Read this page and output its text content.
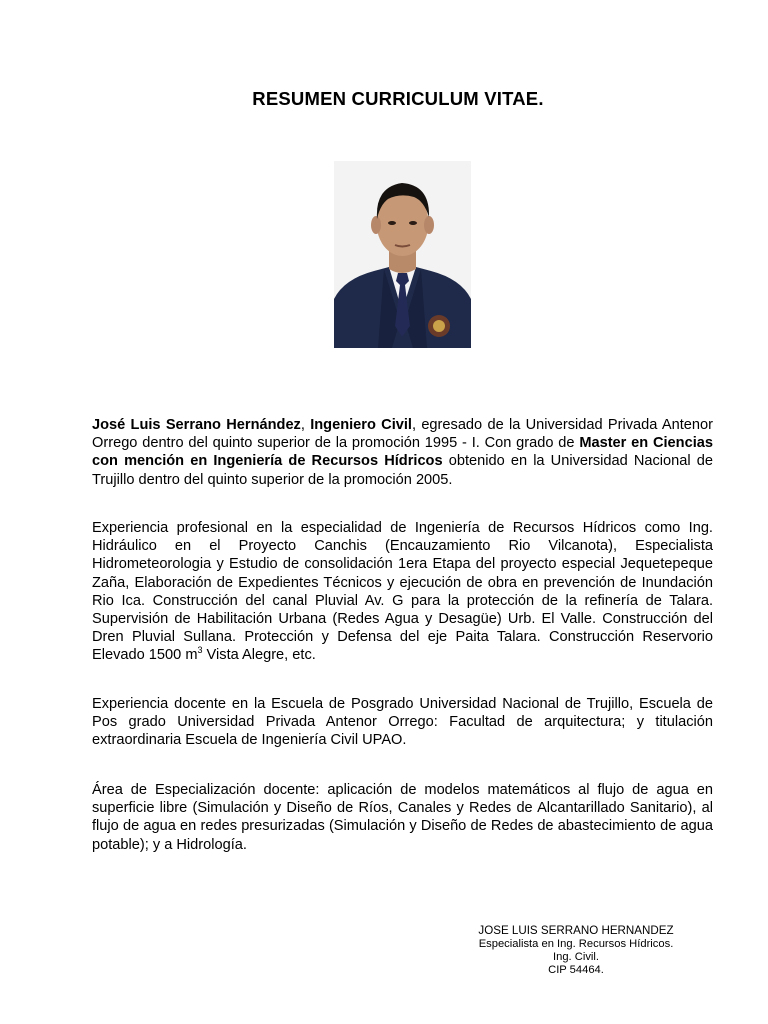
RESUMEN CURRICULUM VITAE.

José Luis Serrano Hernández, Ingeniero Civil, egresado de la Universidad Privada Antenor Orrego dentro del quinto superior de la promoción 1995 - I. Con grado de Master en Ciencias con mención en Ingeniería de Recursos Hídricos obtenido en la Universidad Nacional de Trujillo dentro del quinto superior de la promoción 2005.

Experiencia profesional en la especialidad de Ingeniería de Recursos Hídricos como Ing. Hidráulico en el Proyecto Canchis (Encauzamiento Rio Vilcanota), Especialista Hidrometeorologia y Estudio de consolidación 1era Etapa del proyecto especial Jequetepeque Zaña, Elaboración de Expedientes Técnicos y ejecución de obra en prevención de Inundación Rio Ica. Construcción del canal Pluvial Av. G para la protección de la refinería de Talara. Supervisión de Habilitación Urbana (Redes Agua y Desagüe) Urb. El Valle. Construcción del Dren Pluvial Sullana. Protección y Defensa del eje Paita Talara. Construcción Reservorio Elevado 1500 $m^3$ Vista Alegre, etc.

Experiencia docente en la Escuela de Posgrado Universidad Nacional de Trujillo, Escuela de Pos grado Universidad Privada Antenor Orrego: Facultad de arquitectura; y titulación extraordinaria Escuela de Ingeniería Civil UPAO.

Área de Especialización docente: aplicación de modelos matemáticos al flujo de agua en superficie libre (Simulación y Diseño de Ríos, Canales y Redes de Alcantarillado Sanitario), al flujo de agua en redes presurizadas (Simulación y Diseño de Redes de abastecimiento de agua potable); y a Hidrología.

JOSE LUIS SERRANO HERNANDEZ
Especialista en Ing. Recursos Hídricos.
Ing. Civil.
CIP 54464.
